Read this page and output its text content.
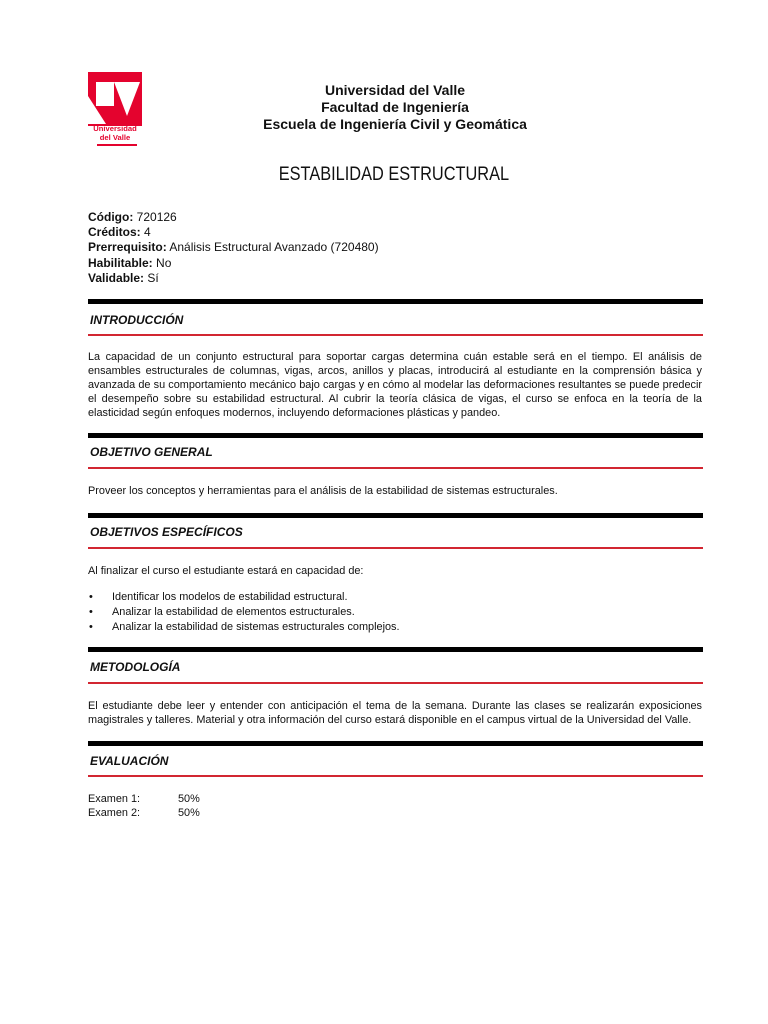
Universidad
del Valle
Universidad del Valle
Facultad de Ingeniería
Escuela de Ingeniería Civil y Geomática
ESTABILIDAD ESTRUCTURAL
Código: 720126
Créditos: 4
Prerrequisito: Análisis Estructural Avanzado (720480)
Habilitable: No
Validable: Sí
INTRODUCCIÓN
La capacidad de un conjunto estructural para soportar cargas determina cuán estable será en el tiempo. El análisis de ensambles estructurales de columnas, vigas, arcos, anillos y placas, introducirá al estudiante en la comprensión básica y avanzada de su comportamiento mecánico bajo cargas y en cómo al modelar las deformaciones resultantes se puede predecir el desempeño sobre su estabilidad estructural. Al cubrir la teoría clásica de vigas, el curso se enfoca en la teoría de la elasticidad según enfoques modernos, incluyendo deformaciones plásticas y pandeo.
OBJETIVO GENERAL
Proveer los conceptos y herramientas para el análisis de la estabilidad de sistemas estructurales.
OBJETIVOS ESPECÍFICOS
Al finalizar el curso el estudiante estará en capacidad de:
• Identificar los modelos de estabilidad estructural.
• Analizar la estabilidad de elementos estructurales.
• Analizar la estabilidad de sistemas estructurales complejos.
METODOLOGÍA
El estudiante debe leer y entender con anticipación el tema de la semana. Durante las clases se realizarán exposiciones magistrales y talleres. Material y otra información del curso estará disponible en el campus virtual de la Universidad del Valle.
EVALUACIÓN
Examen 1:	50%
Examen 2:	50%
